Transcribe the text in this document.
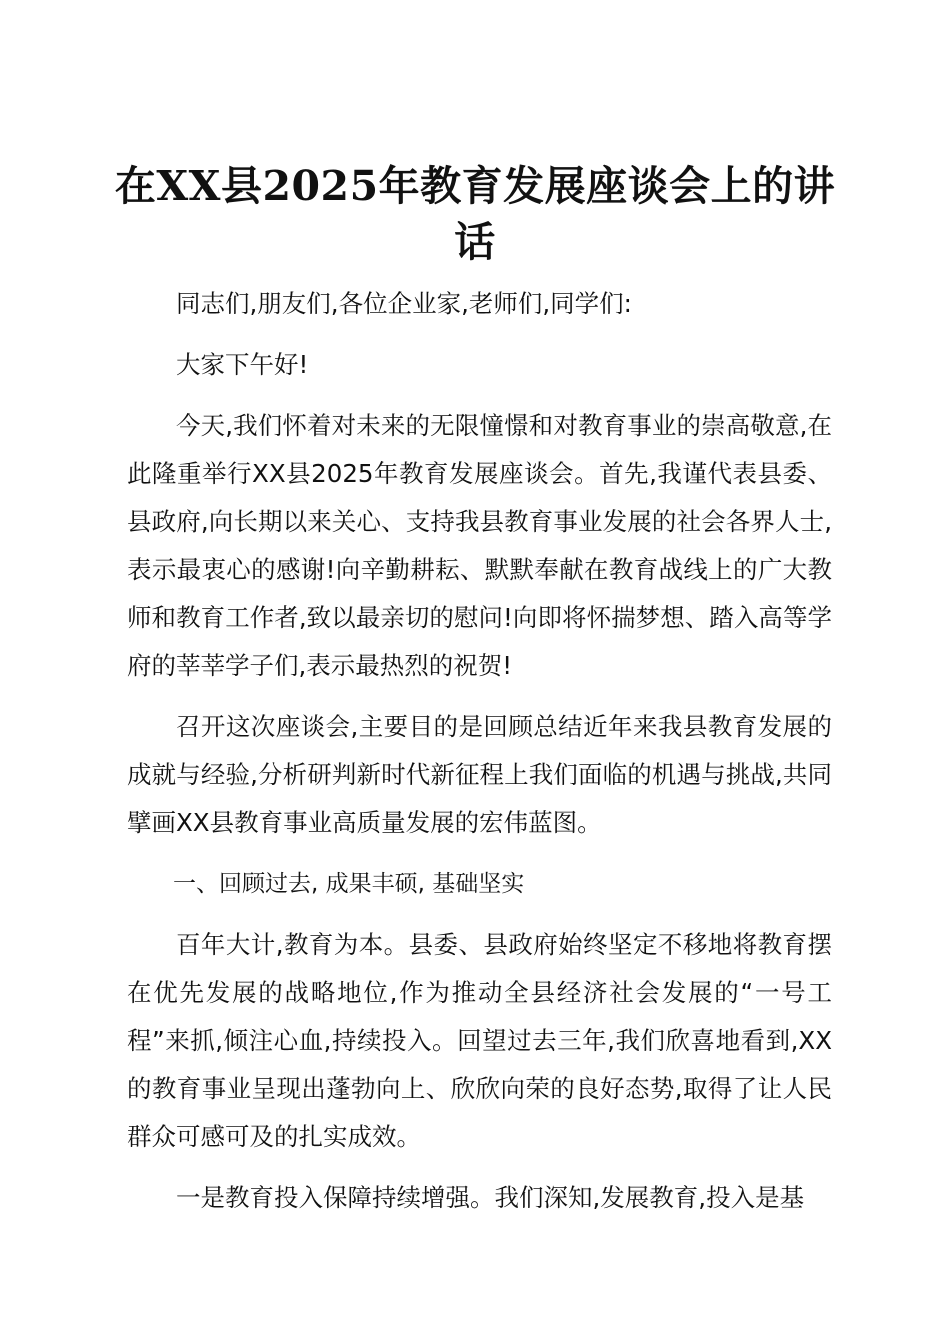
在XX县2025年教育发展座谈会上的讲话

同志们,朋友们,各位企业家,老师们,同学们:

大家下午好!

今天,我们怀着对未来的无限憧憬和对教育事业的崇高敬意,在此隆重举行XX县2025年教育发展座谈会。首先,我谨代表县委、县政府,向长期以来关心、支持我县教育事业发展的社会各界人士,表示最衷心的感谢!向辛勤耕耘、默默奉献在教育战线上的广大教师和教育工作者,致以最亲切的慰问!向即将怀揣梦想、踏入高等学府的莘莘学子们,表示最热烈的祝贺!

召开这次座谈会,主要目的是回顾总结近年来我县教育发展的成就与经验,分析研判新时代新征程上我们面临的机遇与挑战,共同擘画XX县教育事业高质量发展的宏伟蓝图。

一、回顾过去, 成果丰硕, 基础坚实

百年大计,教育为本。县委、县政府始终坚定不移地将教育摆在优先发展的战略地位,作为推动全县经济社会发展的“一号工程”来抓,倾注心血,持续投入。回望过去三年,我们欣喜地看到,XX的教育事业呈现出蓬勃向上、欣欣向荣的良好态势,取得了让人民群众可感可及的扎实成效。

一是教育投入保障持续增强。我们深知,发展教育,投入是基
